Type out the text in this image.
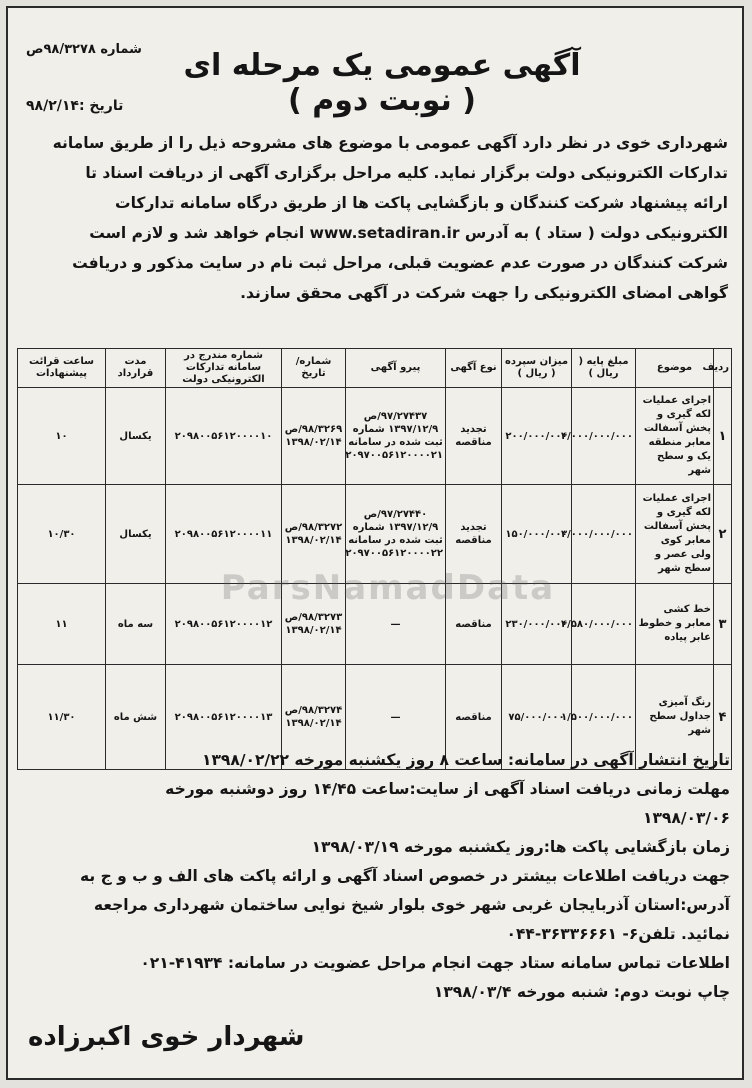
شماره ۹۸/۳۲۷۸ص	آگهی عمومی یک مرحله ای ( نوبت دوم )
تاریخ :۹۸/۲/۱۴
شهرداری خوی در نظر دارد آگهی عمومی با موضوع های مشروحه ذیل را از طریق سامانه
تدارکات الکترونیکی دولت برگزار نماید. کلیه مراحل برگزاری آگهی از دریافت اسناد تا
ارائه پیشنهاد شرکت کنندگان و بازگشایی پاکت ها از طریق درگاه سامانه تدارکات
الکترونیکی دولت ( ستاد ) به آدرس www.setadiran.ir انجام خواهد شد و لازم است
شرکت کنندگان در صورت عدم عضویت قبلی، مراحل ثبت نام در سایت مذکور و دریافت
گواهی امضای الکترونیکی را جهت شرکت در آگهی محقق سازند.
ردیف	موضوع	مبلغ پایه ( ریال )	میزان سپرده ( ریال )	نوع آگهی	پیرو آگهی	شماره/تاریخ	شماره مندرج در سامانه تدارکات الکترونیکی دولت	مدت قرارداد	ساعت قرائت پیشنهادات
۱	اجرای عملیات لکه گیری و پخش آسفالت معابر منطقه یک و سطح شهر	۴/۰۰۰/۰۰۰/۰۰۰	۲۰۰/۰۰۰/۰۰۰	تجدید مناقصه	۹۷/۲۷۴۳۷/ص ۱۳۹۷/۱۲/۹ شماره ثبت شده در سامانه ۲۰۹۷۰۰۵۶۱۲۰۰۰۰۲۱	۹۸/۳۲۶۹/ص ۱۳۹۸/۰۲/۱۴	۲۰۹۸۰۰۵۶۱۲۰۰۰۰۱۰	یکسال	۱۰
۲	اجرای عملیات لکه گیری و پخش آسفالت معابر کوی ولی عصر و سطح شهر	۳/۰۰۰/۰۰۰/۰۰۰	۱۵۰/۰۰۰/۰۰۰	تجدید مناقصه	۹۷/۲۷۴۴۰/ص ۱۳۹۷/۱۲/۹ شماره ثبت شده در سامانه ۲۰۹۷۰۰۵۶۱۲۰۰۰۰۲۲	۹۸/۳۲۷۲/ص ۱۳۹۸/۰۲/۱۴	۲۰۹۸۰۰۵۶۱۲۰۰۰۰۱۱	یکسال	۱۰/۳۰
۳	خط کشی معابر و خطوط عابر پیاده	۴/۵۸۰/۰۰۰/۰۰۰	۲۳۰/۰۰۰/۰۰۰	مناقصه	—	۹۸/۳۲۷۳/ص ۱۳۹۸/۰۲/۱۴	۲۰۹۸۰۰۵۶۱۲۰۰۰۰۱۲	سه ماه	۱۱
۴	رنگ آمیزی جداول سطح شهر	۱/۵۰۰/۰۰۰/۰۰۰	۷۵/۰۰۰/۰۰۰	مناقصه	—	۹۸/۳۲۷۴/ص ۱۳۹۸/۰۲/۱۴	۲۰۹۸۰۰۵۶۱۲۰۰۰۰۱۳	شش ماه	۱۱/۳۰
ParsNamadData
تاریخ انتشار آگهی در سامانه: ساعت ۸ روز یکشنبه مورخه ۱۳۹۸/۰۲/۲۲
مهلت زمانی دریافت اسناد آگهی از سایت:ساعت ۱۴/۴۵ روز دوشنبه مورخه
۱۳۹۸/۰۳/۰۶
زمان بازگشایی پاکت ها:روز یکشنبه مورخه ۱۳۹۸/۰۳/۱۹
جهت دریافت اطلاعات بیشتر در خصوص اسناد آگهی و ارائه پاکت های الف و ب و ج به
آدرس:استان آذربایجان غربی شهر خوی بلوار شیخ نوایی ساختمان شهرداری مراجعه
نمائید. تلفن۶- ۳۶۳۳۶۶۶۱-۰۴۴
اطلاعات تماس سامانه ستاد جهت انجام مراحل عضویت در سامانه: ۴۱۹۳۴-۰۲۱
چاپ نوبت دوم: شنبه مورخه ۱۳۹۸/۰۳/۴
شهردار خوی اکبرزاده
